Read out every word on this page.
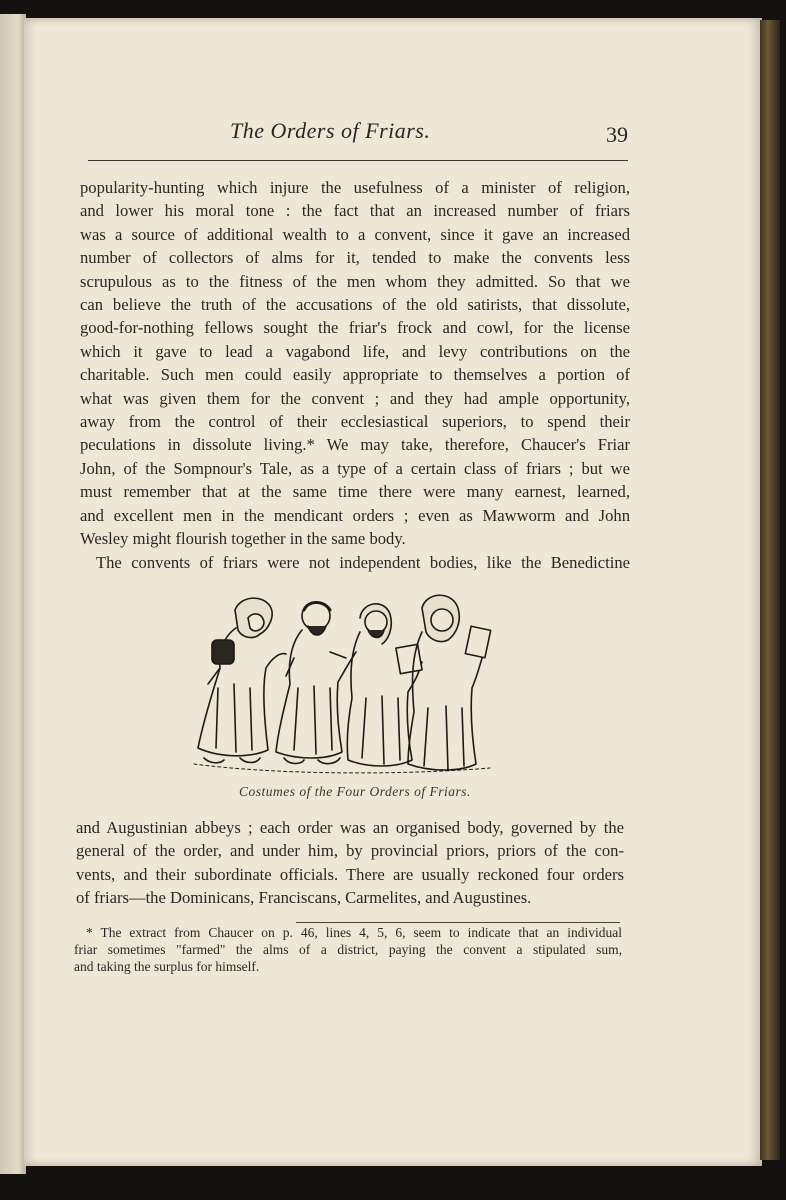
The Orders of Friars.	39
popularity-hunting which injure the usefulness of a minister of religion,
and lower his moral tone : the fact that an increased number of friars
was a source of additional wealth to a convent, since it gave an increased
number of collectors of alms for it, tended to make the convents less
scrupulous as to the fitness of the men whom they admitted. So that we
can believe the truth of the accusations of the old satirists, that dissolute,
good-for-nothing fellows sought the friar's frock and cowl, for the license
which it gave to lead a vagabond life, and levy contributions on the
charitable. Such men could easily appropriate to themselves a portion of
what was given them for the convent ; and they had ample opportunity,
away from the control of their ecclesiastical superiors, to spend their
peculations in dissolute living.* We may take, therefore, Chaucer's Friar
John, of the Sompnour's Tale, as a type of a certain class of friars ; but we
must remember that at the same time there were many earnest, learned,
and excellent men in the mendicant orders ; even as Mawworm and John
Wesley might flourish together in the same body.
The convents of friars were not independent bodies, like the Benedictine
Costumes of the Four Orders of Friars.
and Augustinian abbeys ; each order was an organised body, governed by the
general of the order, and under him, by provincial priors, priors of the con-
vents, and their subordinate officials. There are usually reckoned four orders
of friars—the Dominicans, Franciscans, Carmelites, and Augustines.
* The extract from Chaucer on p. 46, lines 4, 5, 6, seem to indicate that an individual
friar sometimes "farmed" the alms of a district, paying the convent a stipulated sum,
and taking the surplus for himself.
